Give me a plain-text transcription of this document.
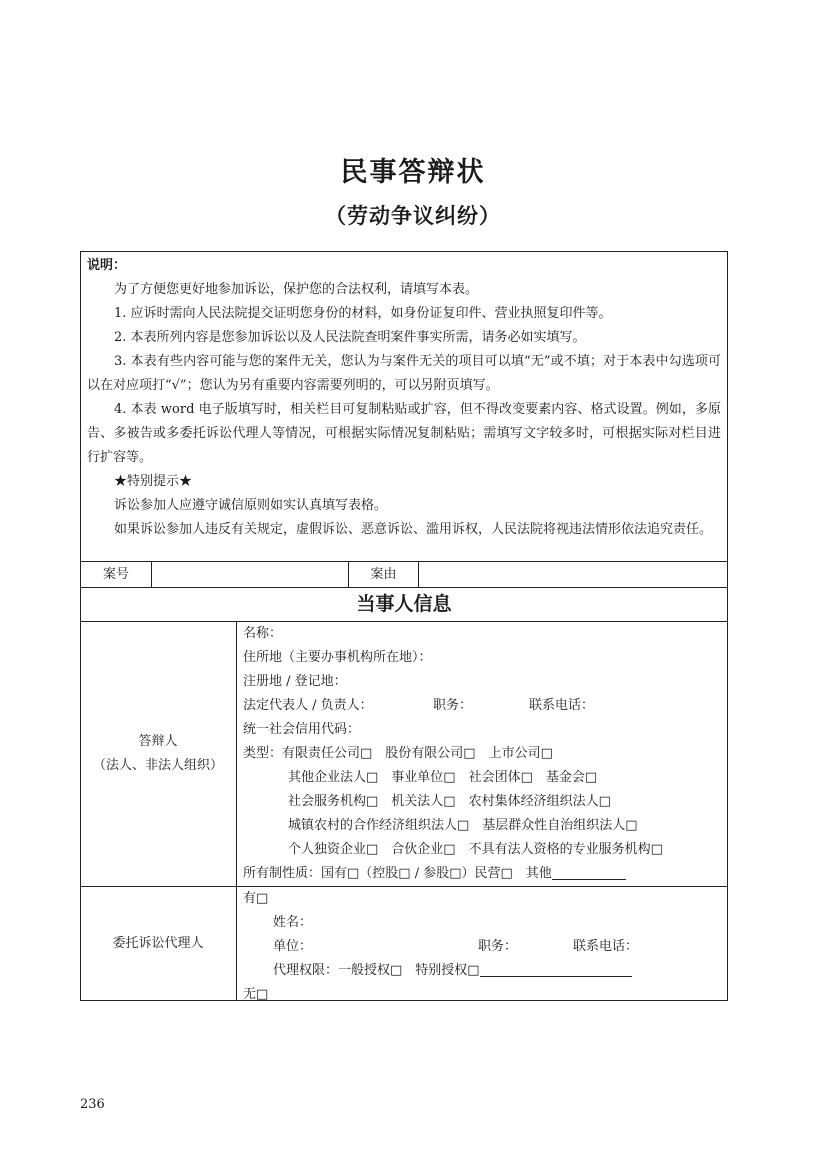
民事答辩状
（劳动争议纠纷）
说明：

为了方便您更好地参加诉讼，保护您的合法权利，请填写本表。

1. 应诉时需向人民法院提交证明您身份的材料，如身份证复印件、营业执照复印件等。

2. 本表所列内容是您参加诉讼以及人民法院查明案件事实所需，请务必如实填写。

3. 本表有些内容可能与您的案件无关，您认为与案件无关的项目可以填“无”或不填；对于本表中勾选项可以在对应项打“√”；您认为另有重要内容需要列明的，可以另附页填写。

4. 本表 word 电子版填写时，相关栏目可复制粘贴或扩容，但不得改变要素内容、格式设置。例如，多原告、多被告或多委托诉讼代理人等情况，可根据实际情况复制粘贴；需填写文字较多时，可根据实际对栏目进行扩容等。

★特别提示★

诉讼参加人应遵守诚信原则如实认真填写表格。

如果诉讼参加人违反有关规定，虚假诉讼、恶意诉讼、滥用诉权，人民法院将视违法情形依法追究责任。

案号	案由
当事人信息
答辩人
（法人、非法人组织）
名称：
住所地（主要办事机构所在地）：
注册地 / 登记地：
法定代表人 / 负责人：	职务：	联系电话：
统一社会信用代码：
类型：有限责任公司□　股份有限公司□　上市公司□
其他企业法人□　事业单位□　社会团体□　基金会□
社会服务机构□　机关法人□　农村集体经济组织法人□
城镇农村的合作经济组织法人□　基层群众性自治组织法人□
个人独资企业□　合伙企业□　不具有法人资格的专业服务机构□
所有制性质：国有□（控股□ / 参股□）民营□　其他
委托诉讼代理人
有□
姓名：
单位：	职务：	联系电话：
代理权限：一般授权□　特别授权□
无□
236
